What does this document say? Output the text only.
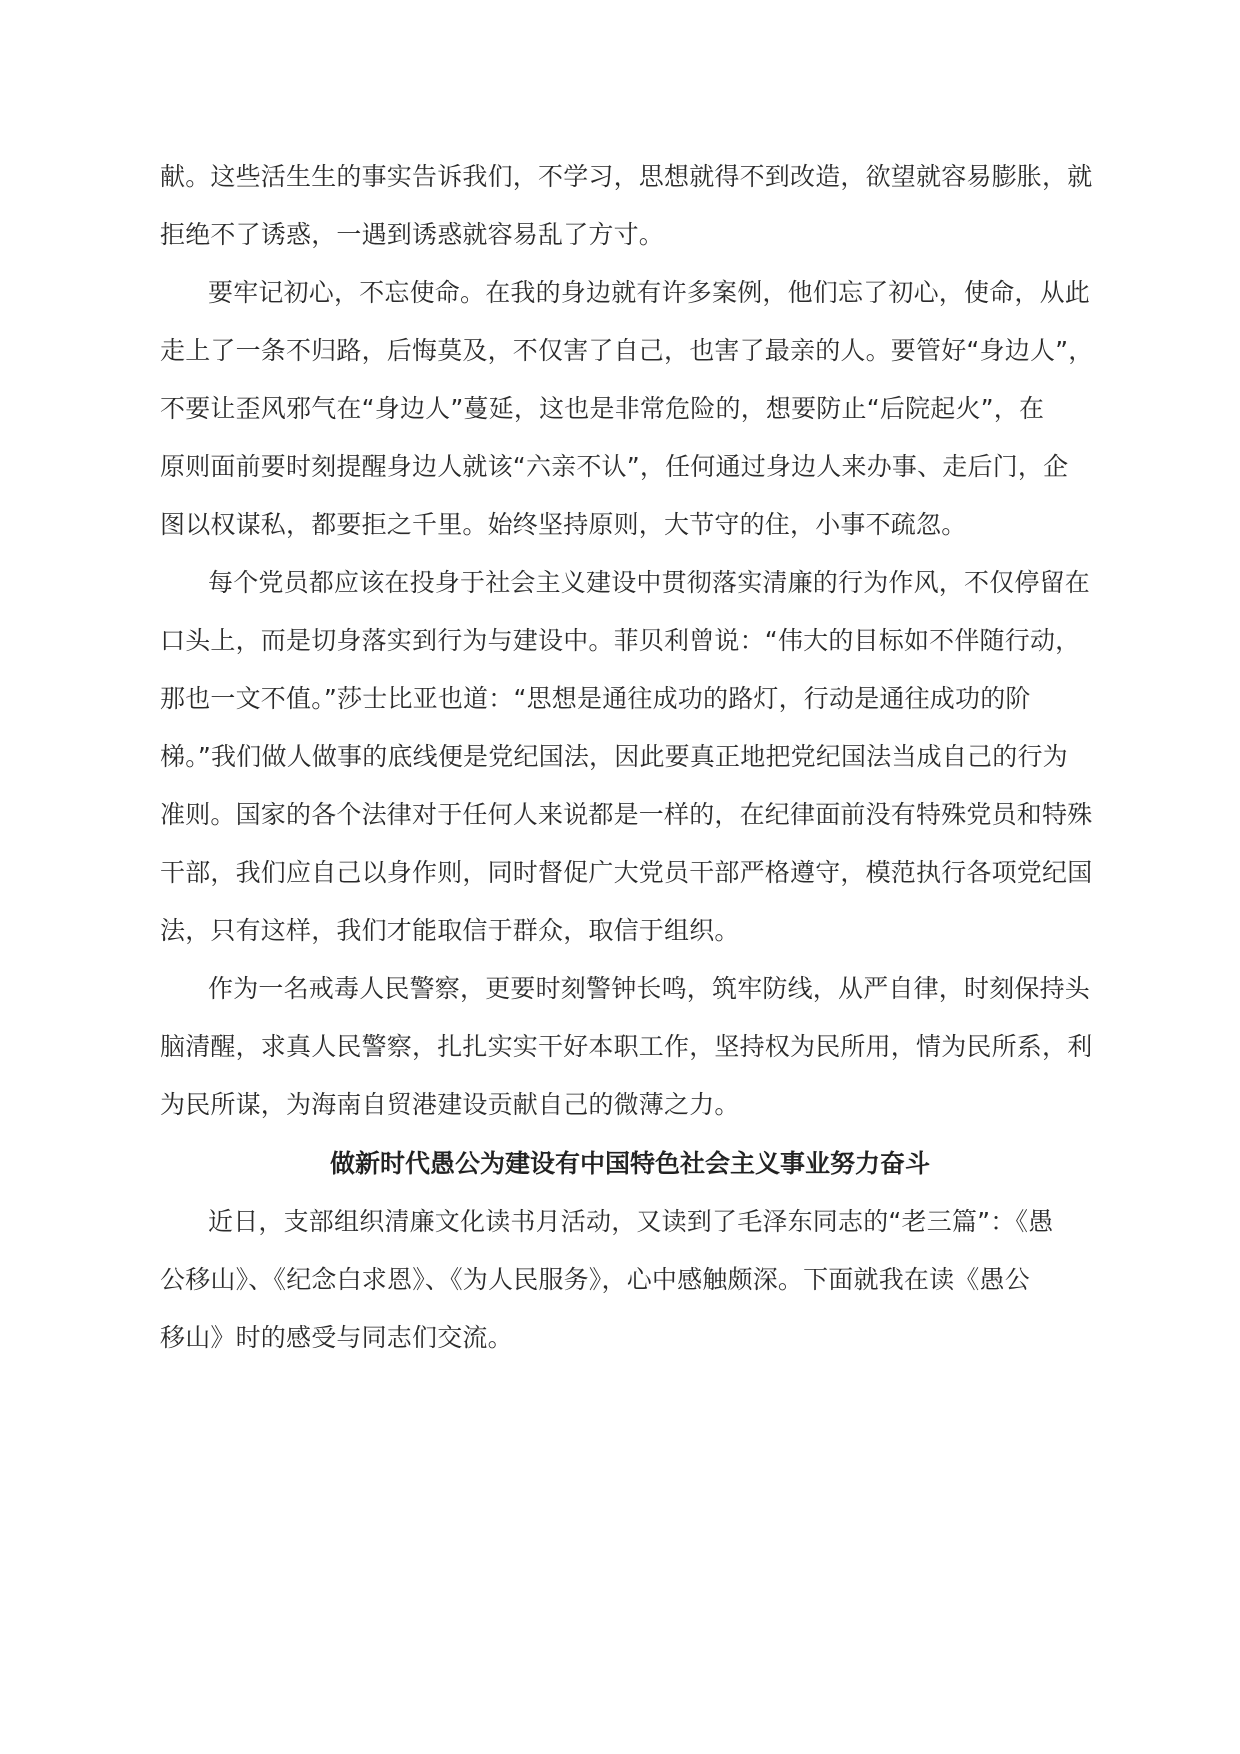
献。这些活生生的事实告诉我们，不学习，思想就得不到改造，欲望就容易膨胀，就
拒绝不了诱惑，一遇到诱惑就容易乱了方寸。
要牢记初心，不忘使命。在我的身边就有许多案例，他们忘了初心，使命，从此
走上了一条不归路，后悔莫及，不仅害了自己，也害了最亲的人。要管好“身边人”，
不要让歪风邪气在“身边人”蔓延，这也是非常危险的，想要防止“后院起火”，在
原则面前要时刻提醒身边人就该“六亲不认”，任何通过身边人来办事、走后门，企
图以权谋私，都要拒之千里。始终坚持原则，大节守的住，小事不疏忽。
每个党员都应该在投身于社会主义建设中贯彻落实清廉的行为作风，不仅停留在
口头上，而是切身落实到行为与建设中。菲贝利曾说：“伟大的目标如不伴随行动，
那也一文不值。”莎士比亚也道：“思想是通往成功的路灯，行动是通往成功的阶
梯。”我们做人做事的底线便是党纪国法，因此要真正地把党纪国法当成自己的行为
准则。国家的各个法律对于任何人来说都是一样的，在纪律面前没有特殊党员和特殊
干部，我们应自己以身作则，同时督促广大党员干部严格遵守，模范执行各项党纪国
法，只有这样，我们才能取信于群众，取信于组织。
作为一名戒毒人民警察，更要时刻警钟长鸣，筑牢防线，从严自律，时刻保持头
脑清醒，求真人民警察，扎扎实实干好本职工作，坚持权为民所用，情为民所系，利
为民所谋，为海南自贸港建设贡献自己的微薄之力。
做新时代愚公为建设有中国特色社会主义事业努力奋斗
近日，支部组织清廉文化读书月活动，又读到了毛泽东同志的“老三篇”：《愚
公移山》、《纪念白求恩》、《为人民服务》，心中感触颇深。下面就我在读《愚公
移山》时的感受与同志们交流。
